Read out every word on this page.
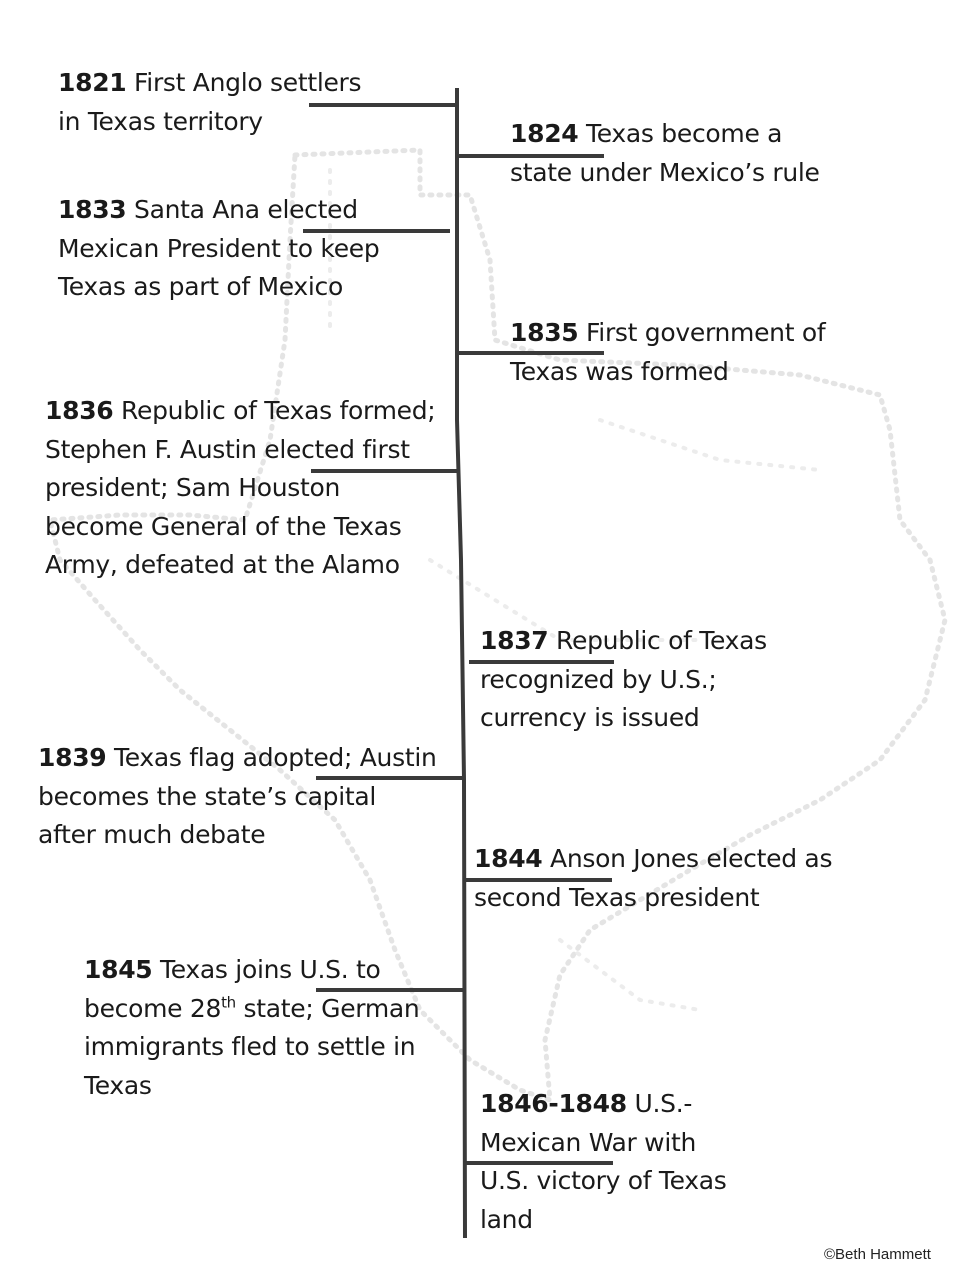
1821 First Anglo settlers
in Texas territory	1824 Texas become a
state under Mexico’s rule
1833 Santa Ana elected
Mexican President to keep
Texas as part of Mexico
1835 First government of
Texas was formed
1836 Republic of Texas formed;
Stephen F. Austin elected first
president; Sam Houston
become General of the Texas
Army, defeated at the Alamo
1837 Republic of Texas
recognized by U.S.;
currency is issued
1839 Texas flag adopted; Austin
becomes the state’s capital
after much debate
1844 Anson Jones elected as
second Texas president
1845 Texas joins U.S. to
become 28th state; German
immigrants fled to settle in
Texas
1846-1848 U.S.-
Mexican War with
U.S. victory of Texas
land
©Beth Hammett
